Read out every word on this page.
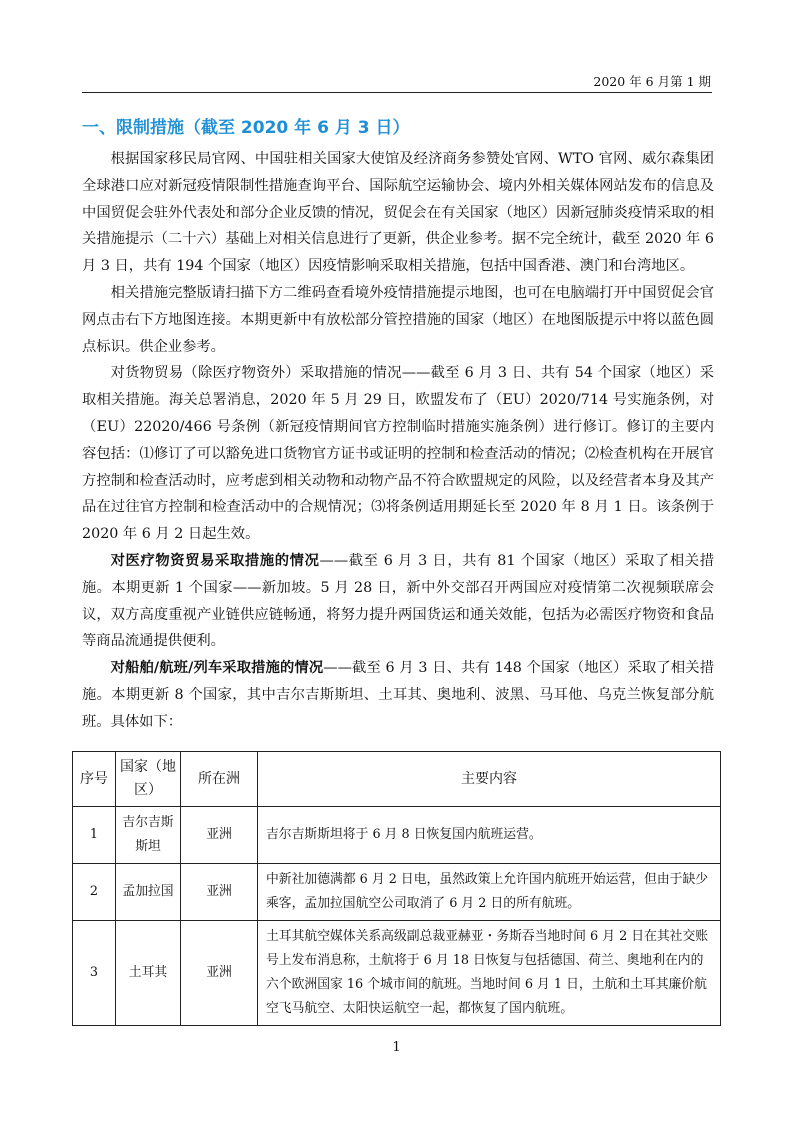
2020 年 6 月第 1 期
一、限制措施（截至 2020 年 6 月 3 日）

根据国家移民局官网、中国驻相关国家大使馆及经济商务参赞处官网、WTO 官网、威尔森集团全球港口应对新冠疫情限制性措施查询平台、国际航空运输协会、境内外相关媒体网站发布的信息及中国贸促会驻外代表处和部分企业反馈的情况，贸促会在有关国家（地区）因新冠肺炎疫情采取的相关措施提示（二十六）基础上对相关信息进行了更新，供企业参考。据不完全统计，截至 2020 年 6 月 3 日，共有 194 个国家（地区）因疫情影响采取相关措施，包括中国香港、澳门和台湾地区。

相关措施完整版请扫描下方二维码查看境外疫情措施提示地图，也可在电脑端打开中国贸促会官网点击右下方地图连接。本期更新中有放松部分管控措施的国家（地区）在地图版提示中将以蓝色圆点标识。供企业参考。

对货物贸易（除医疗物资外）采取措施的情况——截至 6 月 3 日、共有 54 个国家（地区）采取相关措施。海关总署消息，2020 年 5 月 29 日，欧盟发布了（EU）2020/714 号实施条例，对（EU）22020/466 号条例（新冠疫情期间官方控制临时措施实施条例）进行修订。修订的主要内容包括：⑴修订了可以豁免进口货物官方证书或证明的控制和检查活动的情况；⑵检查机构在开展官方控制和检查活动时，应考虑到相关动物和动物产品不符合欧盟规定的风险，以及经营者本身及其产品在过往官方控制和检查活动中的合规情况；⑶将条例适用期延长至 2020 年 8 月 1 日。该条例于 2020 年 6 月 2 日起生效。

对医疗物资贸易采取措施的情况——截至 6 月 3 日，共有 81 个国家（地区）采取了相关措施。本期更新 1 个国家——新加坡。5 月 28 日，新中外交部召开两国应对疫情第二次视频联席会议，双方高度重视产业链供应链畅通，将努力提升两国货运和通关效能，包括为必需医疗物资和食品等商品流通提供便利。

对船舶/航班/列车采取措施的情况——截至 6 月 3 日、共有 148 个国家（地区）采取了相关措施。本期更新 8 个国家，其中吉尔吉斯斯坦、土耳其、奥地利、波黑、马耳他、乌克兰恢复部分航班。具体如下：

序号	国家（地区）	所在洲	主要内容
1	吉尔吉斯斯坦	亚洲	吉尔吉斯斯坦将于 6 月 8 日恢复国内航班运营。
2	孟加拉国	亚洲	中新社加德满都 6 月 2 日电，虽然政策上允许国内航班开始运营，但由于缺少乘客，孟加拉国航空公司取消了 6 月 2 日的所有航班。
3	土耳其	亚洲	土耳其航空媒体关系高级副总裁亚赫亚・务斯吞当地时间 6 月 2 日在其社交账号上发布消息称，土航将于 6 月 18 日恢复与包括德国、荷兰、奥地利在内的六个欧洲国家 16 个城市间的航班。当地时间 6 月 1 日，土航和土耳其廉价航空飞马航空、太阳快运航空一起，都恢复了国内航班。
1
